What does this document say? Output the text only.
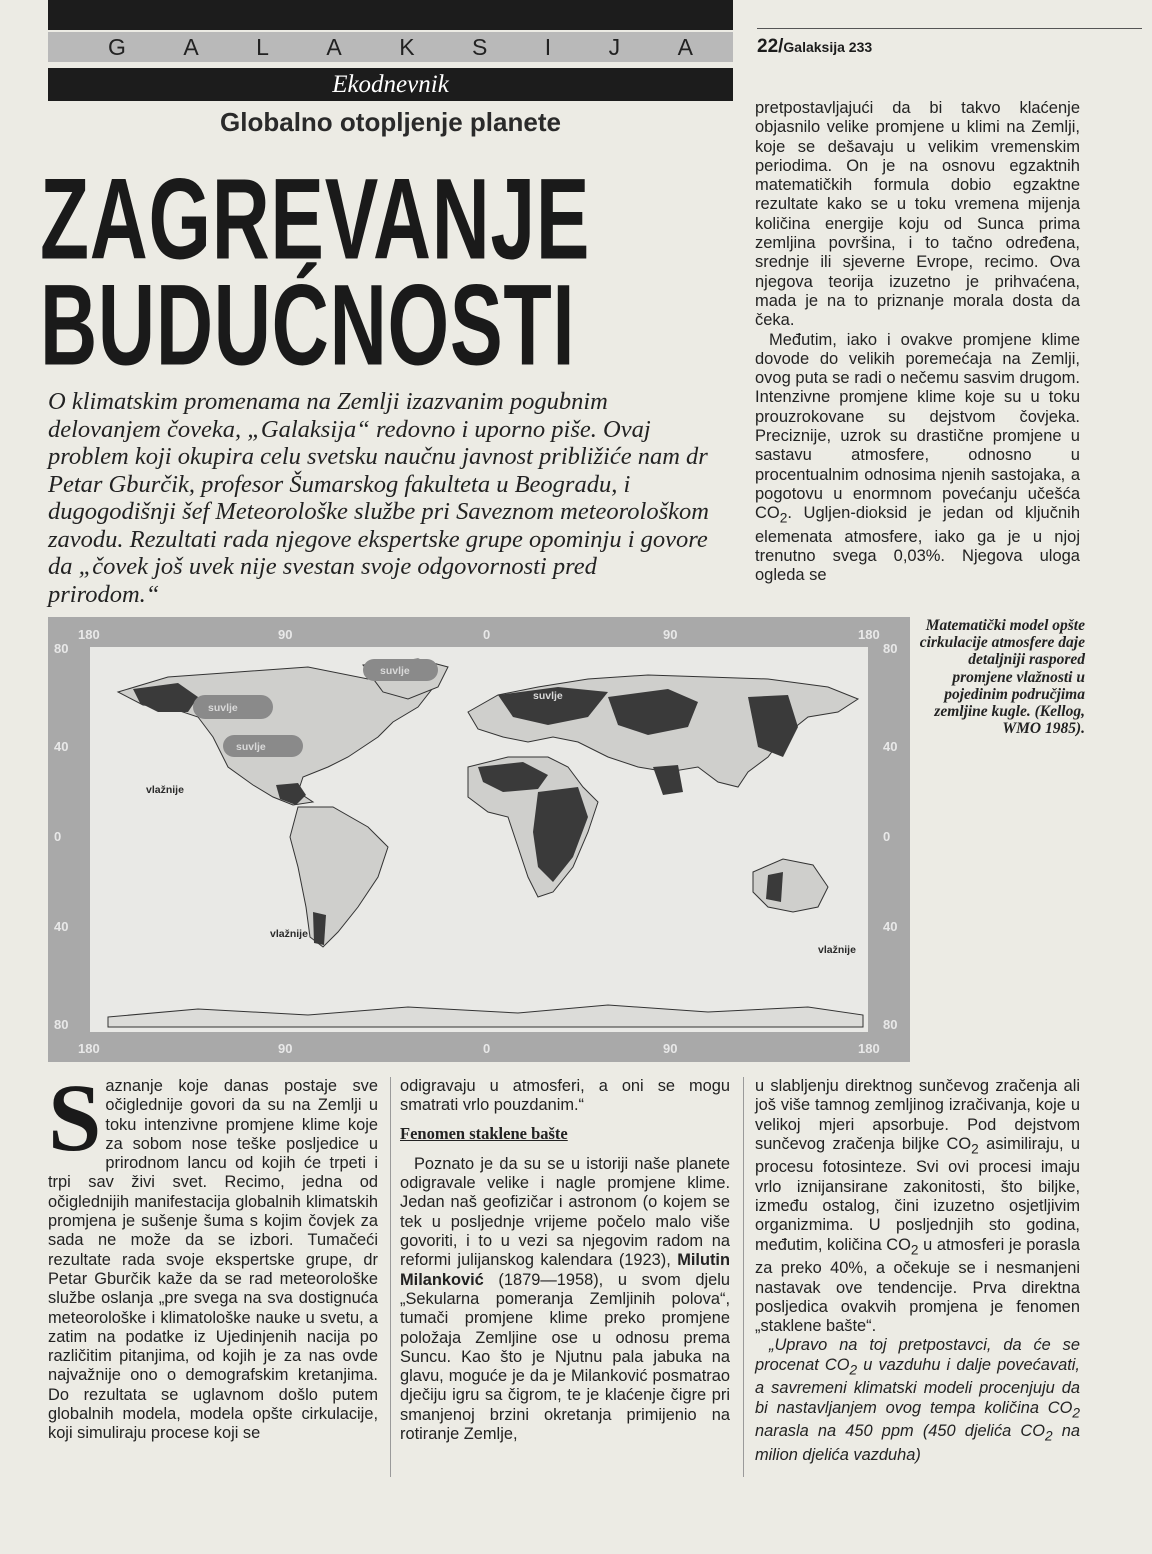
G A L A K S I J A	22/Galaksija 233
Ekodnevnik
Globalno otopljenje planete
ZAGREVANJE
BUDUĆNOSTI
O klimatskim promenama na Zemlji izazvanim pogubnim delovanjem čoveka, „Galaksija“ redovno i uporno piše. Ovaj problem koji okupira celu svetsku naučnu javnost približiće nam dr Petar Gburčik, profesor Šumarskog fakulteta u Beogradu, i dugogodišnji šef Meteorološke službe pri Saveznom meteorološkom zavodu. Rezultati rada njegove ekspertske grupe opominju i govore da „čovek još uvek nije svestan svoje odgovornosti pred prirodom.“

pretpostavljajući da bi takvo klaćenje objasnilo velike promjene u klimi na Zemlji, koje se dešavaju u velikim vremenskim periodima. On je na osnovu egzaktnih matematičkih formula dobio egzaktne rezultate kako se u toku vremena mijenja količina energije koju od Sunca prima zemljina površina, i to tačno određena, srednje ili sjeverne Evrope, recimo. Ova njegova teorija izuzetno je prihvaćena, mada je na to priznanje morala dosta da čeka.

Međutim, iako i ovakve promjene klime dovode do velikih poremećaja na Zemlji, ovog puta se radi o nečemu sasvim drugom. Intenzivne promjene klime koje su u toku prouzrokovane su dejstvom čovjeka. Preciznije, uzrok su drastične promjene u sastavu atmosfere, odnosno u procentualnim odnosima njenih sastojaka, a pogotovu u enormnom povećanju učešća $CO_2$. Ugljen-dioksid je jedan od ključnih elemenata atmosfere, iako ga je u njoj trenutno svega 0,03%. Njegova uloga ogleda se

180	90	0	90	180
180	90	0	90	180
80
40
0
40
80
80
40
0
40
80
suvlje
suvlje
suvlje
suvlje
vlažnije
vlažnije
vlažnije
Matematički model opšte cirkulacije atmosfere daje detaljniji raspored promjene vlažnosti u pojedinim područjima zemljine kugle. (Kellog, WMO 1985).

Saznanje koje danas postaje sve očiglednije govori da su na Zemlji u toku intenzivne promjene klime koje za sobom nose teške posljedice u prirodnom lancu od kojih će trpeti i trpi sav živi svet. Recimo, jedna od očiglednijih manifestacija globalnih klimatskih promjena je sušenje šuma s kojim čovjek za sada ne može da se izbori. Tumačeći rezultate rada svoje ekspertske grupe, dr Petar Gburčik kaže da se rad meteorološke službe oslanja „pre svega na sva dostignuća meteorološke i klimatološke nauke u svetu, a zatim na podatke iz Ujedinjenih nacija po različitim pitanjima, od kojih je za nas ovde najvažnije ono o demografskim kretanjima. Do rezultata se uglavnom došlo putem globalnih modela, modela opšte cirkulacije, koji simuliraju procese koji se

odigravaju u atmosferi, a oni se mogu smatrati vrlo pouzdanim.“

Fenomen staklene bašte

Poznato je da su se u istoriji naše planete odigravale velike i nagle promjene klime. Jedan naš geofizičar i astronom (o kojem se tek u posljednje vrijeme počelo malo više govoriti, i to u vezi sa njegovim radom na reformi julijanskog kalendara (1923), Milutin Milanković (1879—1958), u svom djelu „Sekularna pomeranja Zemljinih polova“, tumači promjene klime preko promjene položaja Zemljine ose u odnosu prema Suncu. Kao što je Njutnu pala jabuka na glavu, moguće je da je Milanković posmatrao dječiju igru sa čigrom, te je klaćenje čigre pri smanjenoj brzini okretanja primijenio na rotiranje Zemlje,

u slabljenju direktnog sunčevog zračenja ali još više tamnog zemljinog izračivanja, koje u velikoj mjeri apsorbuje. Pod dejstvom sunčevog zračenja biljke $CO_2$ asimiliraju, u procesu fotosinteze. Svi ovi procesi imaju vrlo iznijansirane zakonitosti, što biljke, između ostalog, čini izuzetno osjetljivim organizmima. U posljednjih sto godina, međutim, količina $CO_2$ u atmosferi je porasla za preko 40%, a očekuje se i nesmanjeni nastavak ove tendencije. Prva direktna posljedica ovakvih promjena je fenomen „staklene bašte“.

„Upravo na toj pretpostavci, da će se procenat $CO_2$ u vazduhu i dalje povećavati, a savremeni klimatski modeli procenjuju da bi nastavljanjem ovog tempa količina $CO_2$ narasla na 450 ppm (450 djelića $CO_2$ na milion djelića vazduha)
